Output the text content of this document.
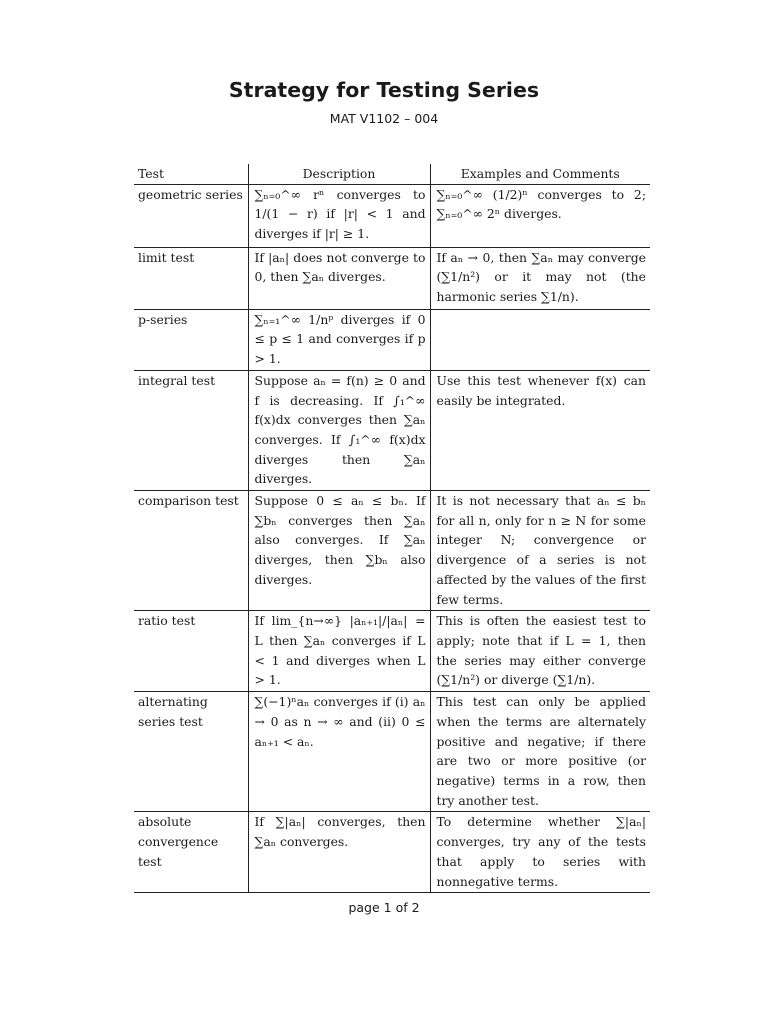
Strategy for Testing Series
MAT V1102 – 004
Test	Description	Examples and Comments
geometric series	∑ₙ₌₀^∞ rⁿ converges to 1/(1 − r) if |r| < 1 and diverges if |r| ≥ 1.	∑ₙ₌₀^∞ (1/2)ⁿ converges to 2; ∑ₙ₌₀^∞ 2ⁿ diverges.
limit test	If |aₙ| does not converge to 0, then ∑aₙ diverges.	If aₙ → 0, then ∑aₙ may converge (∑1/n²) or it may not (the harmonic series ∑1/n).
p-series	∑ₙ₌₁^∞ 1/nᵖ diverges if 0 ≤ p ≤ 1 and converges if p > 1.	
integral test	Suppose aₙ = f(n) ≥ 0 and f is decreasing. If ∫₁^∞ f(x)dx converges then ∑aₙ converges. If ∫₁^∞ f(x)dx diverges then ∑aₙ diverges.	Use this test whenever f(x) can easily be integrated.
comparison test	Suppose 0 ≤ aₙ ≤ bₙ. If ∑bₙ converges then ∑aₙ also converges. If ∑aₙ diverges, then ∑bₙ also diverges.	It is not necessary that aₙ ≤ bₙ for all n, only for n ≥ N for some integer N; convergence or divergence of a series is not affected by the values of the first few terms.
ratio test	If lim_{n→∞} |aₙ₊₁|/|aₙ| = L then ∑aₙ converges if L < 1 and diverges when L > 1.	This is often the easiest test to apply; note that if L = 1, then the series may either converge (∑1/n²) or diverge (∑1/n).
alternating series test	∑(−1)ⁿaₙ converges if (i) aₙ → 0 as n → ∞ and (ii) 0 ≤ aₙ₊₁ < aₙ.	This test can only be applied when the terms are alternately positive and negative; if there are two or more positive (or negative) terms in a row, then try another test.
absolute convergence test	If ∑|aₙ| converges, then ∑aₙ converges.	To determine whether ∑|aₙ| converges, try any of the tests that apply to series with nonnegative terms.
page 1 of 2
